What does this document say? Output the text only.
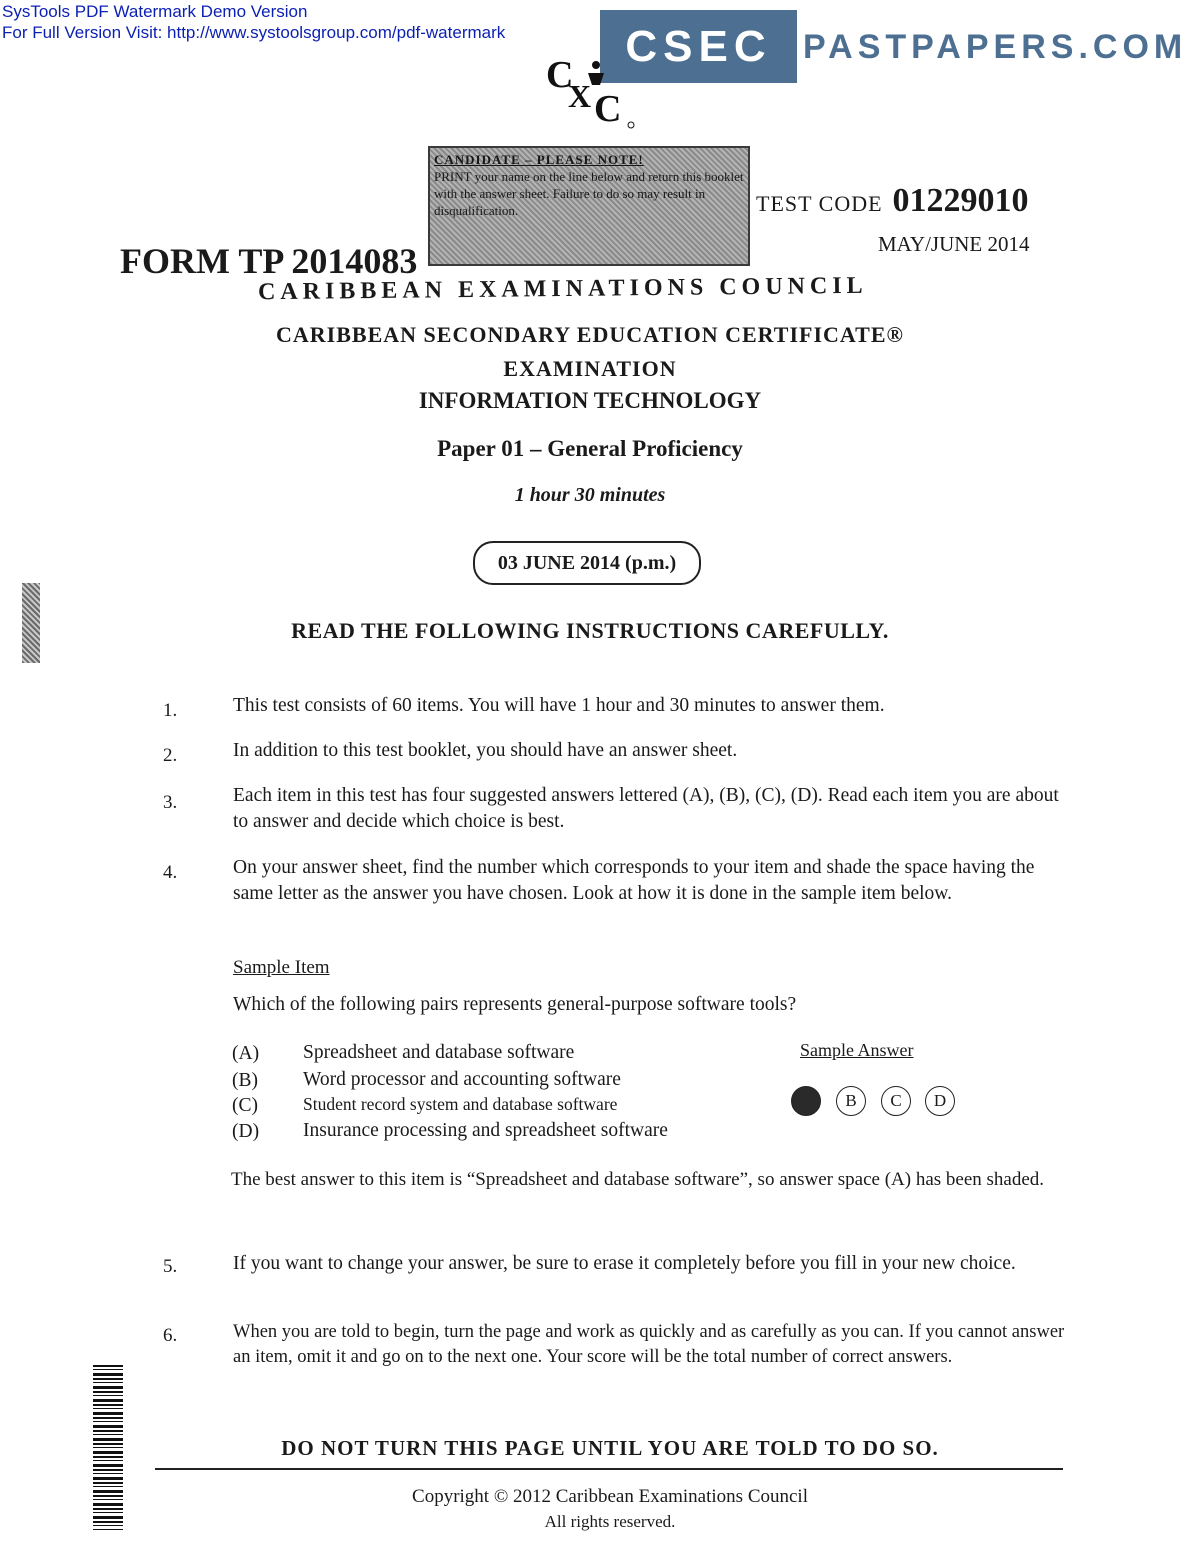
SysTools PDF Watermark Demo Version
For Full Version Visit: http://www.systoolsgroup.com/pdf-watermark	CSEC PASTPAPERS.COM
C
X C
CANDIDATE – PLEASE NOTE!
PRINT your name on the line below and return this booklet with the answer sheet. Failure to do so may result in disqualification.
FORM TP 2014083
TEST CODE 01229010
MAY/JUNE 2014
CARIBBEAN EXAMINATIONS COUNCIL
CARIBBEAN SECONDARY EDUCATION CERTIFICATE®
EXAMINATION
INFORMATION TECHNOLOGY
Paper 01 – General Proficiency
1 hour 30 minutes
03 JUNE 2014 (p.m.)
READ THE FOLLOWING INSTRUCTIONS CAREFULLY.
1.	This test consists of 60 items. You will have 1 hour and 30 minutes to answer them.
2.	In addition to this test booklet, you should have an answer sheet.
3.	Each item in this test has four suggested answers lettered (A), (B), (C), (D). Read each item you are about to answer and decide which choice is best.
4.	On your answer sheet, find the number which corresponds to your item and shade the space having the same letter as the answer you have chosen. Look at how it is done in the sample item below.
Sample Item
Which of the following pairs represents general-purpose software tools?
(A) Spreadsheet and database software
(B) Word processor and accounting software
(C)	Student record system and database software
(D) Insurance processing and spreadsheet software
Sample Answer
B	C	D
The best answer to this item is “Spreadsheet and database software”, so answer space (A) has been shaded.
5.	If you want to change your answer, be sure to erase it completely before you fill in your new choice.
6.	When you are told to begin, turn the page and work as quickly and as carefully as you can. If you cannot answer an item, omit it and go on to the next one. Your score will be the total number of correct answers.
DO NOT TURN THIS PAGE UNTIL YOU ARE TOLD TO DO SO.
Copyright © 2012 Caribbean Examinations Council
All rights reserved.
